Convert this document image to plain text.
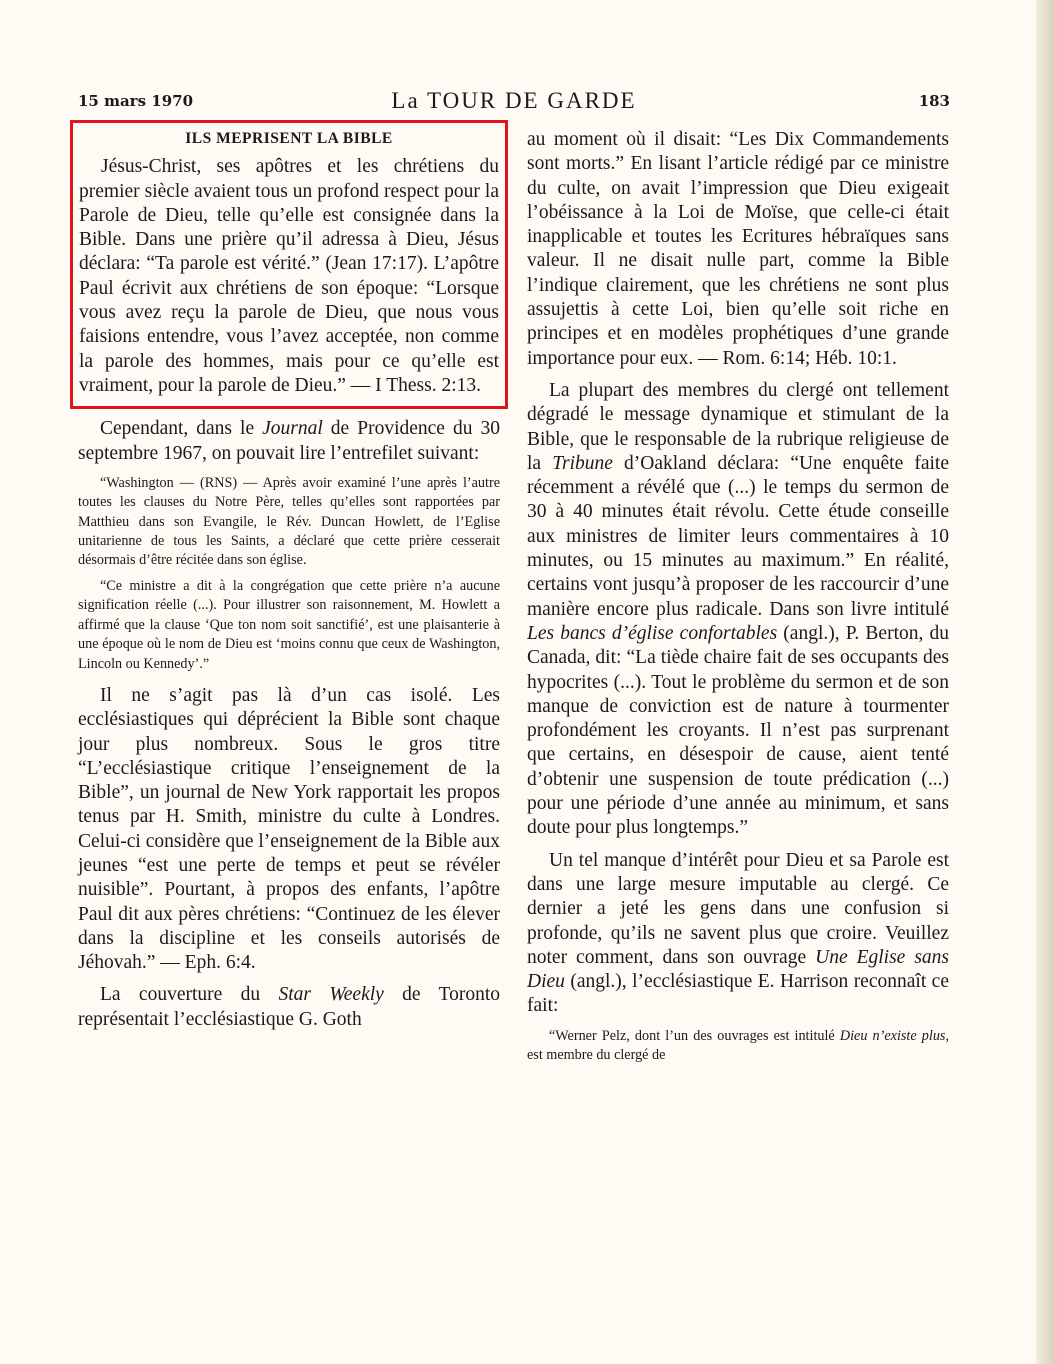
15 mars 1970	La TOUR DE GARDE	183
ILS MEPRISENT LA BIBLE

Jésus-Christ, ses apôtres et les chrétiens du premier siècle avaient tous un profond respect pour la Parole de Dieu, telle qu’elle est consignée dans la Bible. Dans une prière qu’il adressa à Dieu, Jésus déclara: “Ta parole est vérité.” (Jean 17:17). L’apôtre Paul écrivit aux chrétiens de son époque: “Lorsque vous avez reçu la parole de Dieu, que nous vous faisions entendre, vous l’avez acceptée, non comme la parole des hommes, mais pour ce qu’elle est vraiment, pour la parole de Dieu.” — I Thess. 2:13.

Cependant, dans le Journal de Providence du 30 septembre 1967, on pouvait lire l’entrefilet suivant:

“Washington — (RNS) — Après avoir examiné l’une après l’autre toutes les clauses du Notre Père, telles qu’elles sont rapportées par Matthieu dans son Evangile, le Rév. Duncan Howlett, de l’Eglise unitarienne de tous les Saints, a déclaré que cette prière cesserait désormais d’être récitée dans son église.

“Ce ministre a dit à la congrégation que cette prière n’a aucune signification réelle (...). Pour illustrer son raisonnement, M. Howlett a affirmé que la clause ‘Que ton nom soit sanctifié’, est une plaisanterie à une époque où le nom de Dieu est ‘moins connu que ceux de Washington, Lincoln ou Kennedy’.”

Il ne s’agit pas là d’un cas isolé. Les ecclésiastiques qui déprécient la Bible sont chaque jour plus nombreux. Sous le gros titre “L’ecclésiastique critique l’enseignement de la Bible”, un journal de New York rapportait les propos tenus par H. Smith, ministre du culte à Londres. Celui-ci considère que l’enseignement de la Bible aux jeunes “est une perte de temps et peut se révéler nuisible”. Pourtant, à propos des enfants, l’apôtre Paul dit aux pères chrétiens: “Continuez de les élever dans la discipline et les conseils autorisés de Jéhovah.” — Eph. 6:4.

La couverture du Star Weekly de Toronto représentait l’ecclésiastique G. Goth

au moment où il disait: “Les Dix Commandements sont morts.” En lisant l’article rédigé par ce ministre du culte, on avait l’impression que Dieu exigeait l’obéissance à la Loi de Moïse, que celle-ci était inapplicable et toutes les Ecritures hébraïques sans valeur. Il ne disait nulle part, comme la Bible l’indique clairement, que les chrétiens ne sont plus assujettis à cette Loi, bien qu’elle soit riche en principes et en modèles prophétiques d’une grande importance pour eux. — Rom. 6:14; Héb. 10:1.

La plupart des membres du clergé ont tellement dégradé le message dynamique et stimulant de la Bible, que le responsable de la rubrique religieuse de la Tribune d’Oakland déclara: “Une enquête faite récemment a révélé que (...) le temps du sermon de 30 à 40 minutes était révolu. Cette étude conseille aux ministres de limiter leurs commentaires à 10 minutes, ou 15 minutes au maximum.” En réalité, certains vont jusqu’à proposer de les raccourcir d’une manière encore plus radicale. Dans son livre intitulé Les bancs d’église confortables (angl.), P. Berton, du Canada, dit: “La tiède chaire fait de ses occupants des hypocrites (...). Tout le problème du sermon et de son manque de conviction est de nature à tourmenter profondément les croyants. Il n’est pas surprenant que certains, en désespoir de cause, aient tenté d’obtenir une suspension de toute prédication (...) pour une période d’une année au minimum, et sans doute pour plus longtemps.”

Un tel manque d’intérêt pour Dieu et sa Parole est dans une large mesure imputable au clergé. Ce dernier a jeté les gens dans une confusion si profonde, qu’ils ne savent plus que croire. Veuillez noter comment, dans son ouvrage Une Eglise sans Dieu (angl.), l’ecclésiastique E. Harrison reconnaît ce fait:

“Werner Pelz, dont l’un des ouvrages est intitulé Dieu n’existe plus, est membre du clergé de
